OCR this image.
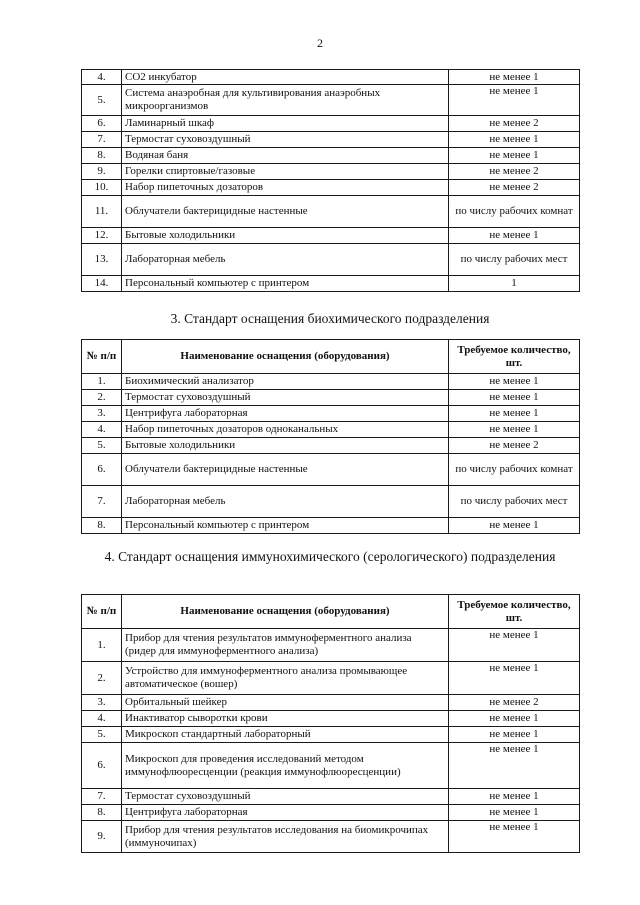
2
4.	CO2 инкубатор	не менее 1
5.	Система анаэробная для культивирования анаэробных микроорганизмов	не менее 1
6.	Ламинарный шкаф	не менее 2
7.	Термостат суховоздушный	не менее 1
8.	Водяная баня	не менее 1
9.	Горелки спиртовые/газовые	не менее 2
10.	Набор пипеточных дозаторов	не менее 2
11.	Облучатели бактерицидные настенные	по числу рабочих комнат
12.	Бытовые холодильники	не менее 1
13.	Лабораторная мебель	по числу рабочих мест
14.	Персональный компьютер с принтером	1
3. Стандарт оснащения биохимического подразделения
№ п/п	Наименование оснащения (оборудования)	Требуемое количество, шт.
1.	Биохимический анализатор	не менее 1
2.	Термостат суховоздушный	не менее 1
3.	Центрифуга лабораторная	не менее 1
4.	Набор пипеточных дозаторов одноканальных	не менее 1
5.	Бытовые холодильники	не менее 2
6.	Облучатели бактерицидные настенные	по числу рабочих комнат
7.	Лабораторная мебель	по числу рабочих мест
8.	Персональный компьютер с принтером	не менее 1
4. Стандарт оснащения иммунохимического (серологического) подразделения
№ п/п	Наименование оснащения (оборудования)	Требуемое количество, шт.
1.	Прибор для чтения результатов иммуноферментного анализа (ридер для иммуноферментного анализа)	не менее 1
2.	Устройство для иммуноферментного анализа промывающее автоматическое (вошер)	не менее 1
3.	Орбитальный шейкер	не менее 2
4.	Инактиватор сыворотки крови	не менее 1
5.	Микроскоп стандартный лабораторный	не менее 1
6.	Микроскоп для проведения исследований методом иммунофлюоресценции (реакция иммунофлюоресценции)	не менее 1
7.	Термостат суховоздушный	не менее 1
8.	Центрифуга лабораторная	не менее 1
9.	Прибор для чтения результатов исследования на биомикрочипах (иммуночипах)	не менее 1
